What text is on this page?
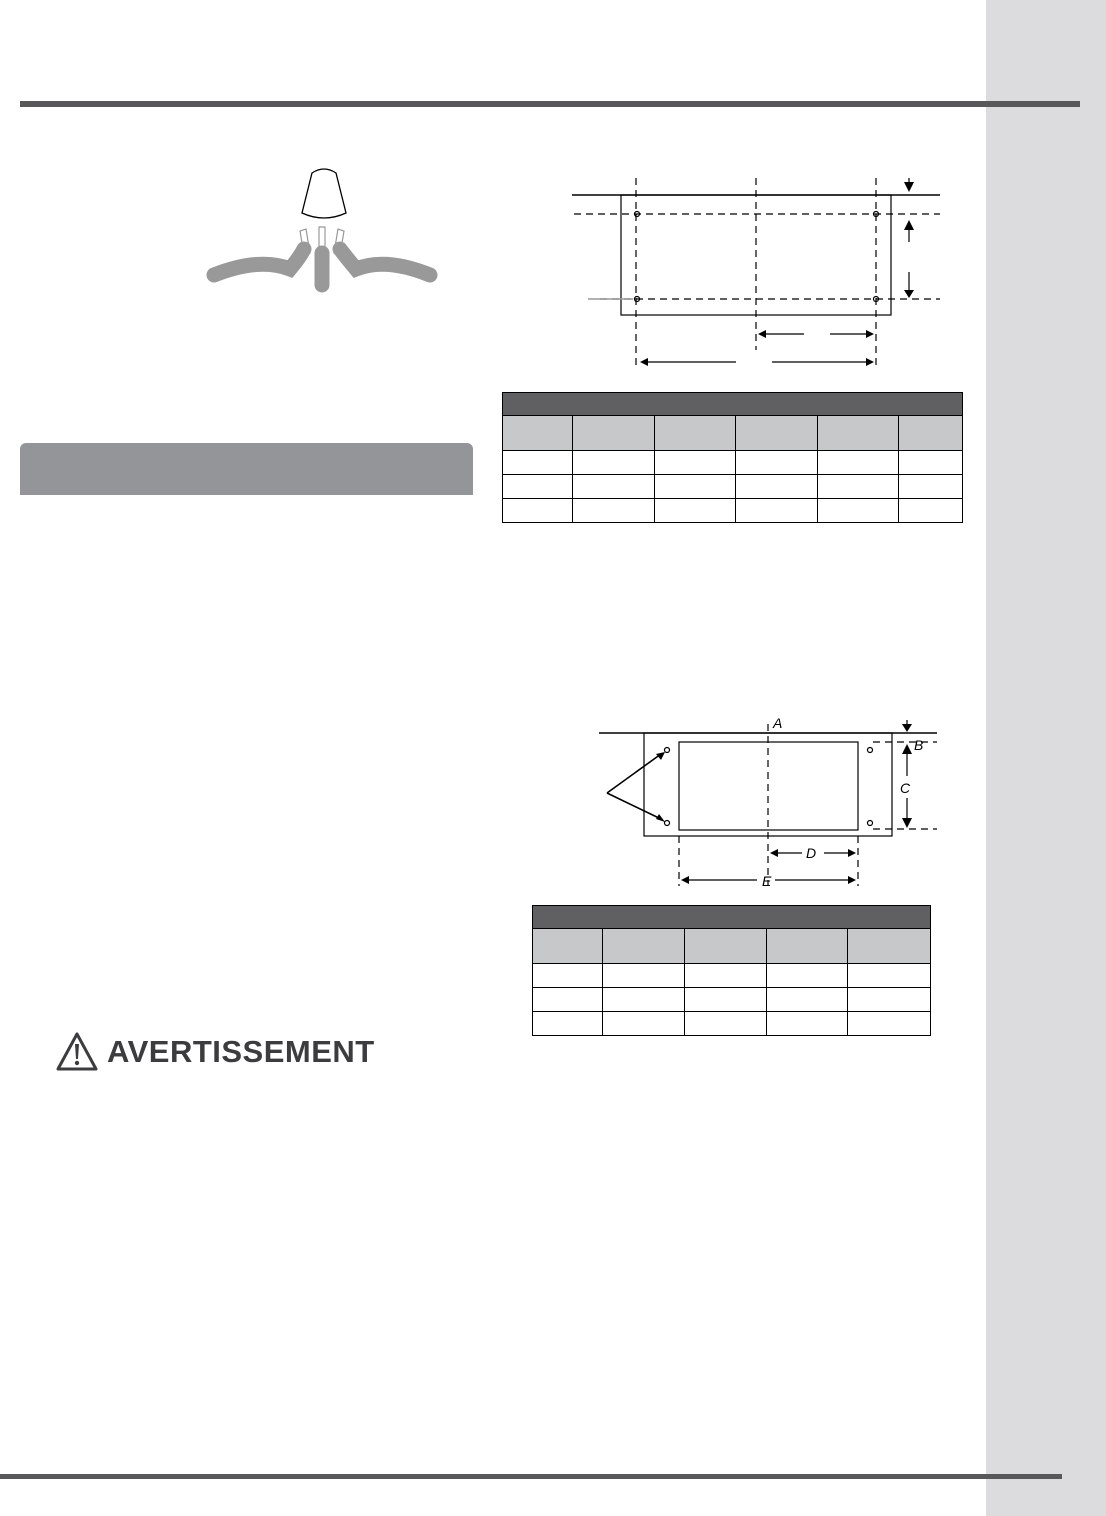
A
B
C
D
E

AVERTISSEMENT
